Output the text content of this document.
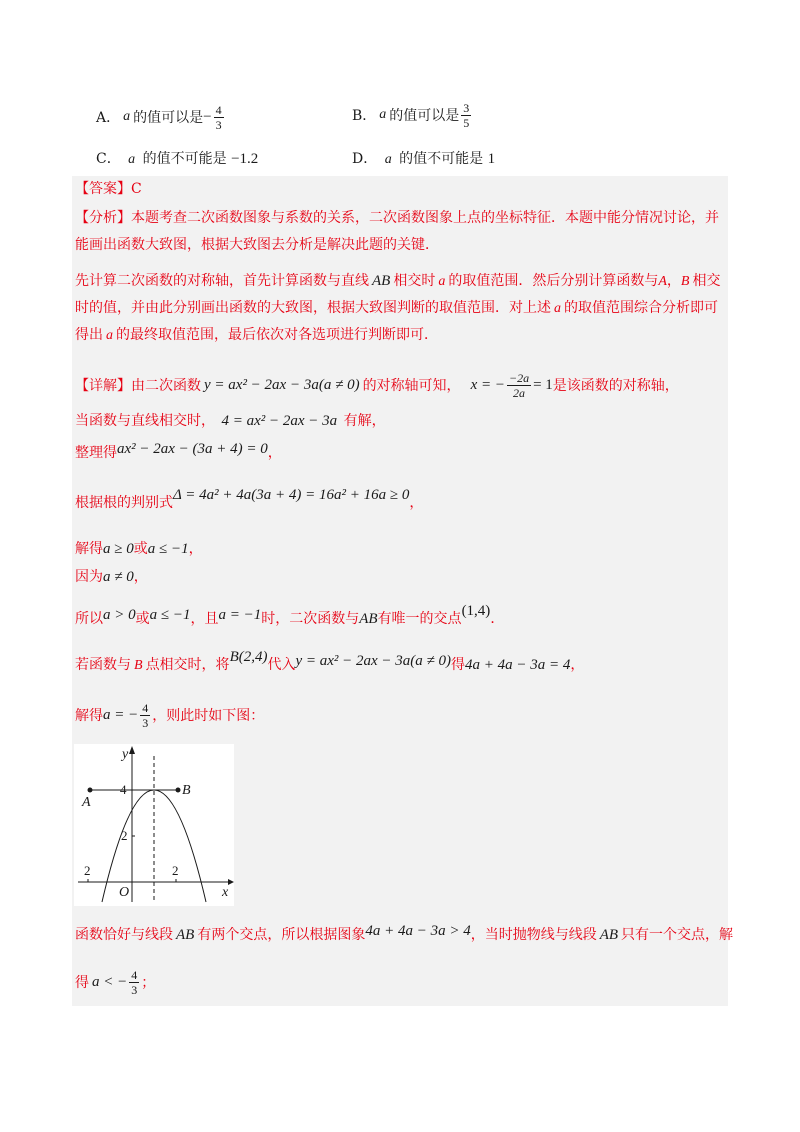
A． a 的值可以是 − $\frac{4}{3}$	B． a 的值可以是 $\frac{3}{5}$
C． a 的值不可能是 −1.2	D． a 的值不可能是 1
【答案】C
【分析】本题考查二次函数图象与系数的关系，二次函数图象上点的坐标特征．本题中能分情况讨论，并能画出函数大致图，根据大致图去分析是解决此题的关键．
先计算二次函数的对称轴，首先计算函数与直线 AB 相交时 a 的取值范围．然后分别计算函数与A，B 相交时的值，并由此分别画出函数的大致图，根据大致图判断的取值范围．对上述 a 的取值范围综合分析即可得出 a 的最终取值范围，最后依次对各选项进行判断即可．
【详解】 由二次函数 y = ax² − 2ax − 3a(a ≠ 0) 的对称轴可知， x = − $\frac{-2a}{2a} = 1$ 是该函数的对称轴，
当函数与直线相交时， 4 = ax² − 2ax − 3a 有解，
整理得ax² − 2ax − (3a + 4) = 0，
根据根的判别式Δ = 4a² + 4a(3a + 4) = 16a² + 16a ≥ 0，
解得a ≥ 0或a ≤ −1，
因为a ≠ 0，
所以a > 0或a ≤ −1，且a = −1时，二次函数与AB有唯一的交点(1,4)．
若函数与 B 点相交时，将B(2,4)代入y = ax² − 2ax − 3a(a ≠ 0)得4a + 4a − 3a = 4，
解得 a = − $\frac{4}{3}$ ，则此时如下图：
y
x
O
A
B
4
2
2
2
函数恰好与线段 AB 有两个交点，所以根据图象4a + 4a − 3a > 4，当时抛物线与线段 AB 只有一个交点，解
得 a < − $\frac{4}{3}$ ；
